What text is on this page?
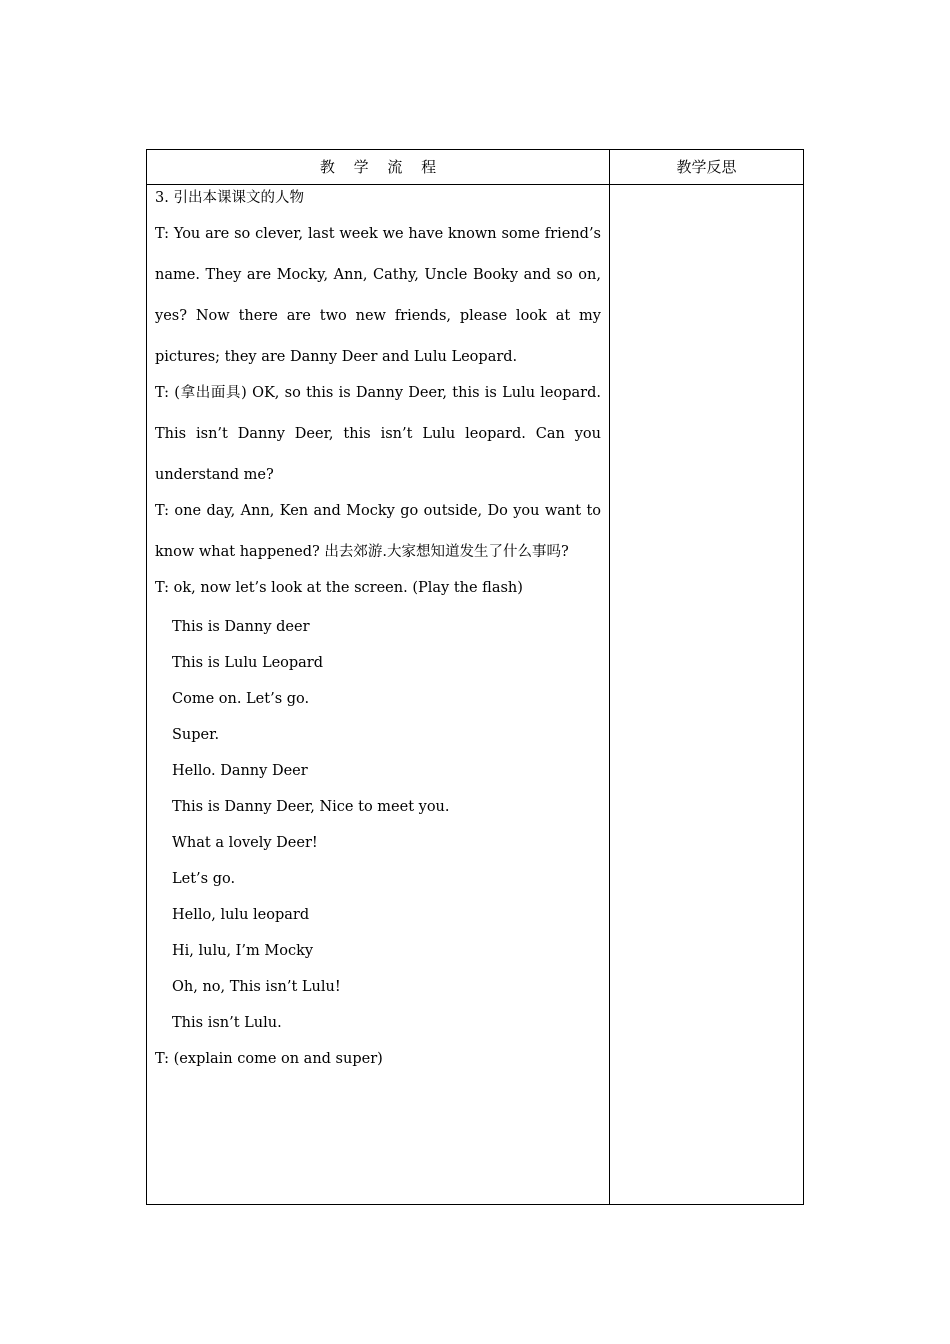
教 学 流 程	教学反思
3. 引出本课课文的人物
T: You are so clever, last week we have known some friend’s name. They are Mocky, Ann, Cathy, Uncle Booky and so on, yes? Now there are two new friends, please look at my pictures; they are Danny Deer and Lulu Leopard.
T: (拿出面具) OK, so this is Danny Deer, this is Lulu leopard. This isn’t Danny Deer, this isn’t Lulu leopard. Can you understand me?
T: one day, Ann, Ken and Mocky go outside, Do you want to know what happened? 出去郊游.大家想知道发生了什么事吗?
T: ok, now let’s look at the screen. (Play the flash)
This is Danny deer
This is Lulu Leopard
Come on. Let’s go.
Super.
Hello. Danny Deer
This is Danny Deer, Nice to meet you.
What a lovely Deer!
Let’s go.
Hello, lulu leopard
Hi, lulu, I’m Mocky
Oh, no, This isn’t Lulu!
This isn’t Lulu.
T: (explain come on and super)
